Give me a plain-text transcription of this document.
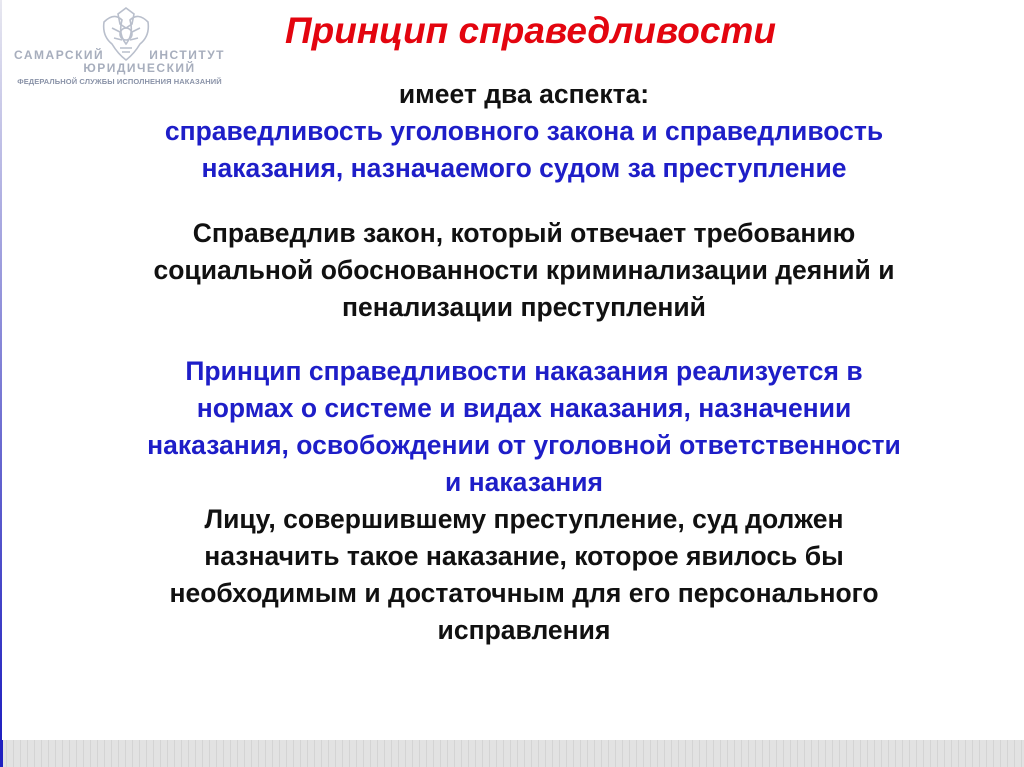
САМАРСКИЙ	ИНСТИТУТ
ЮРИДИЧЕСКИЙ
ФЕДЕРАЛЬНОЙ СЛУЖБЫ ИСПОЛНЕНИЯ НАКАЗАНИЙ
Принцип справедливости

имеет два аспекта:

справедливость уголовного закона и справедливость

наказания, назначаемого судом за преступление

Справедлив закон, который отвечает требованию

социальной обоснованности криминализации деяний и

пенализации преступлений

Принцип справедливости наказания реализуется в

нормах о системе и видах наказания, назначении

наказания, освобождении от уголовной ответственности

и наказания

Лицу, совершившему преступление, суд должен

назначить такое наказание, которое явилось бы

необходимым и достаточным для его персонального

исправления
